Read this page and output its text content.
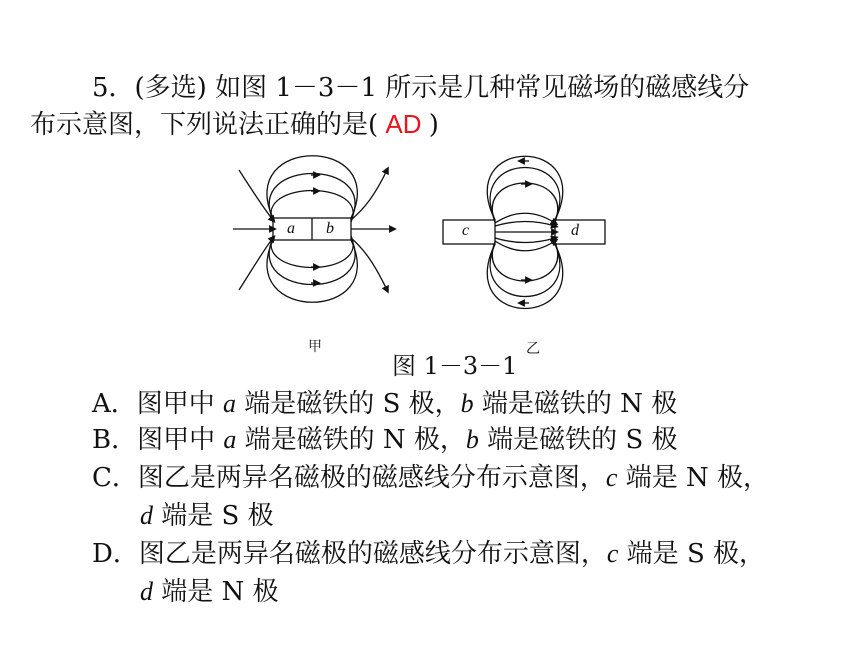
5．(多选) 如图 1－3－1 所示是几种常见磁场的磁感线分
布示意图，下列说法正确的是( AD )
a b	c	d
甲	乙
图 1－3－1
A．图甲中 a 端是磁铁的 S 极，b 端是磁铁的 N 极
B．图甲中 a 端是磁铁的 N 极，b 端是磁铁的 S 极
C．图乙是两异名磁极的磁感线分布示意图，c 端是 N 极，
d 端是 S 极
D．图乙是两异名磁极的磁感线分布示意图，c 端是 S 极，
d 端是 N 极
